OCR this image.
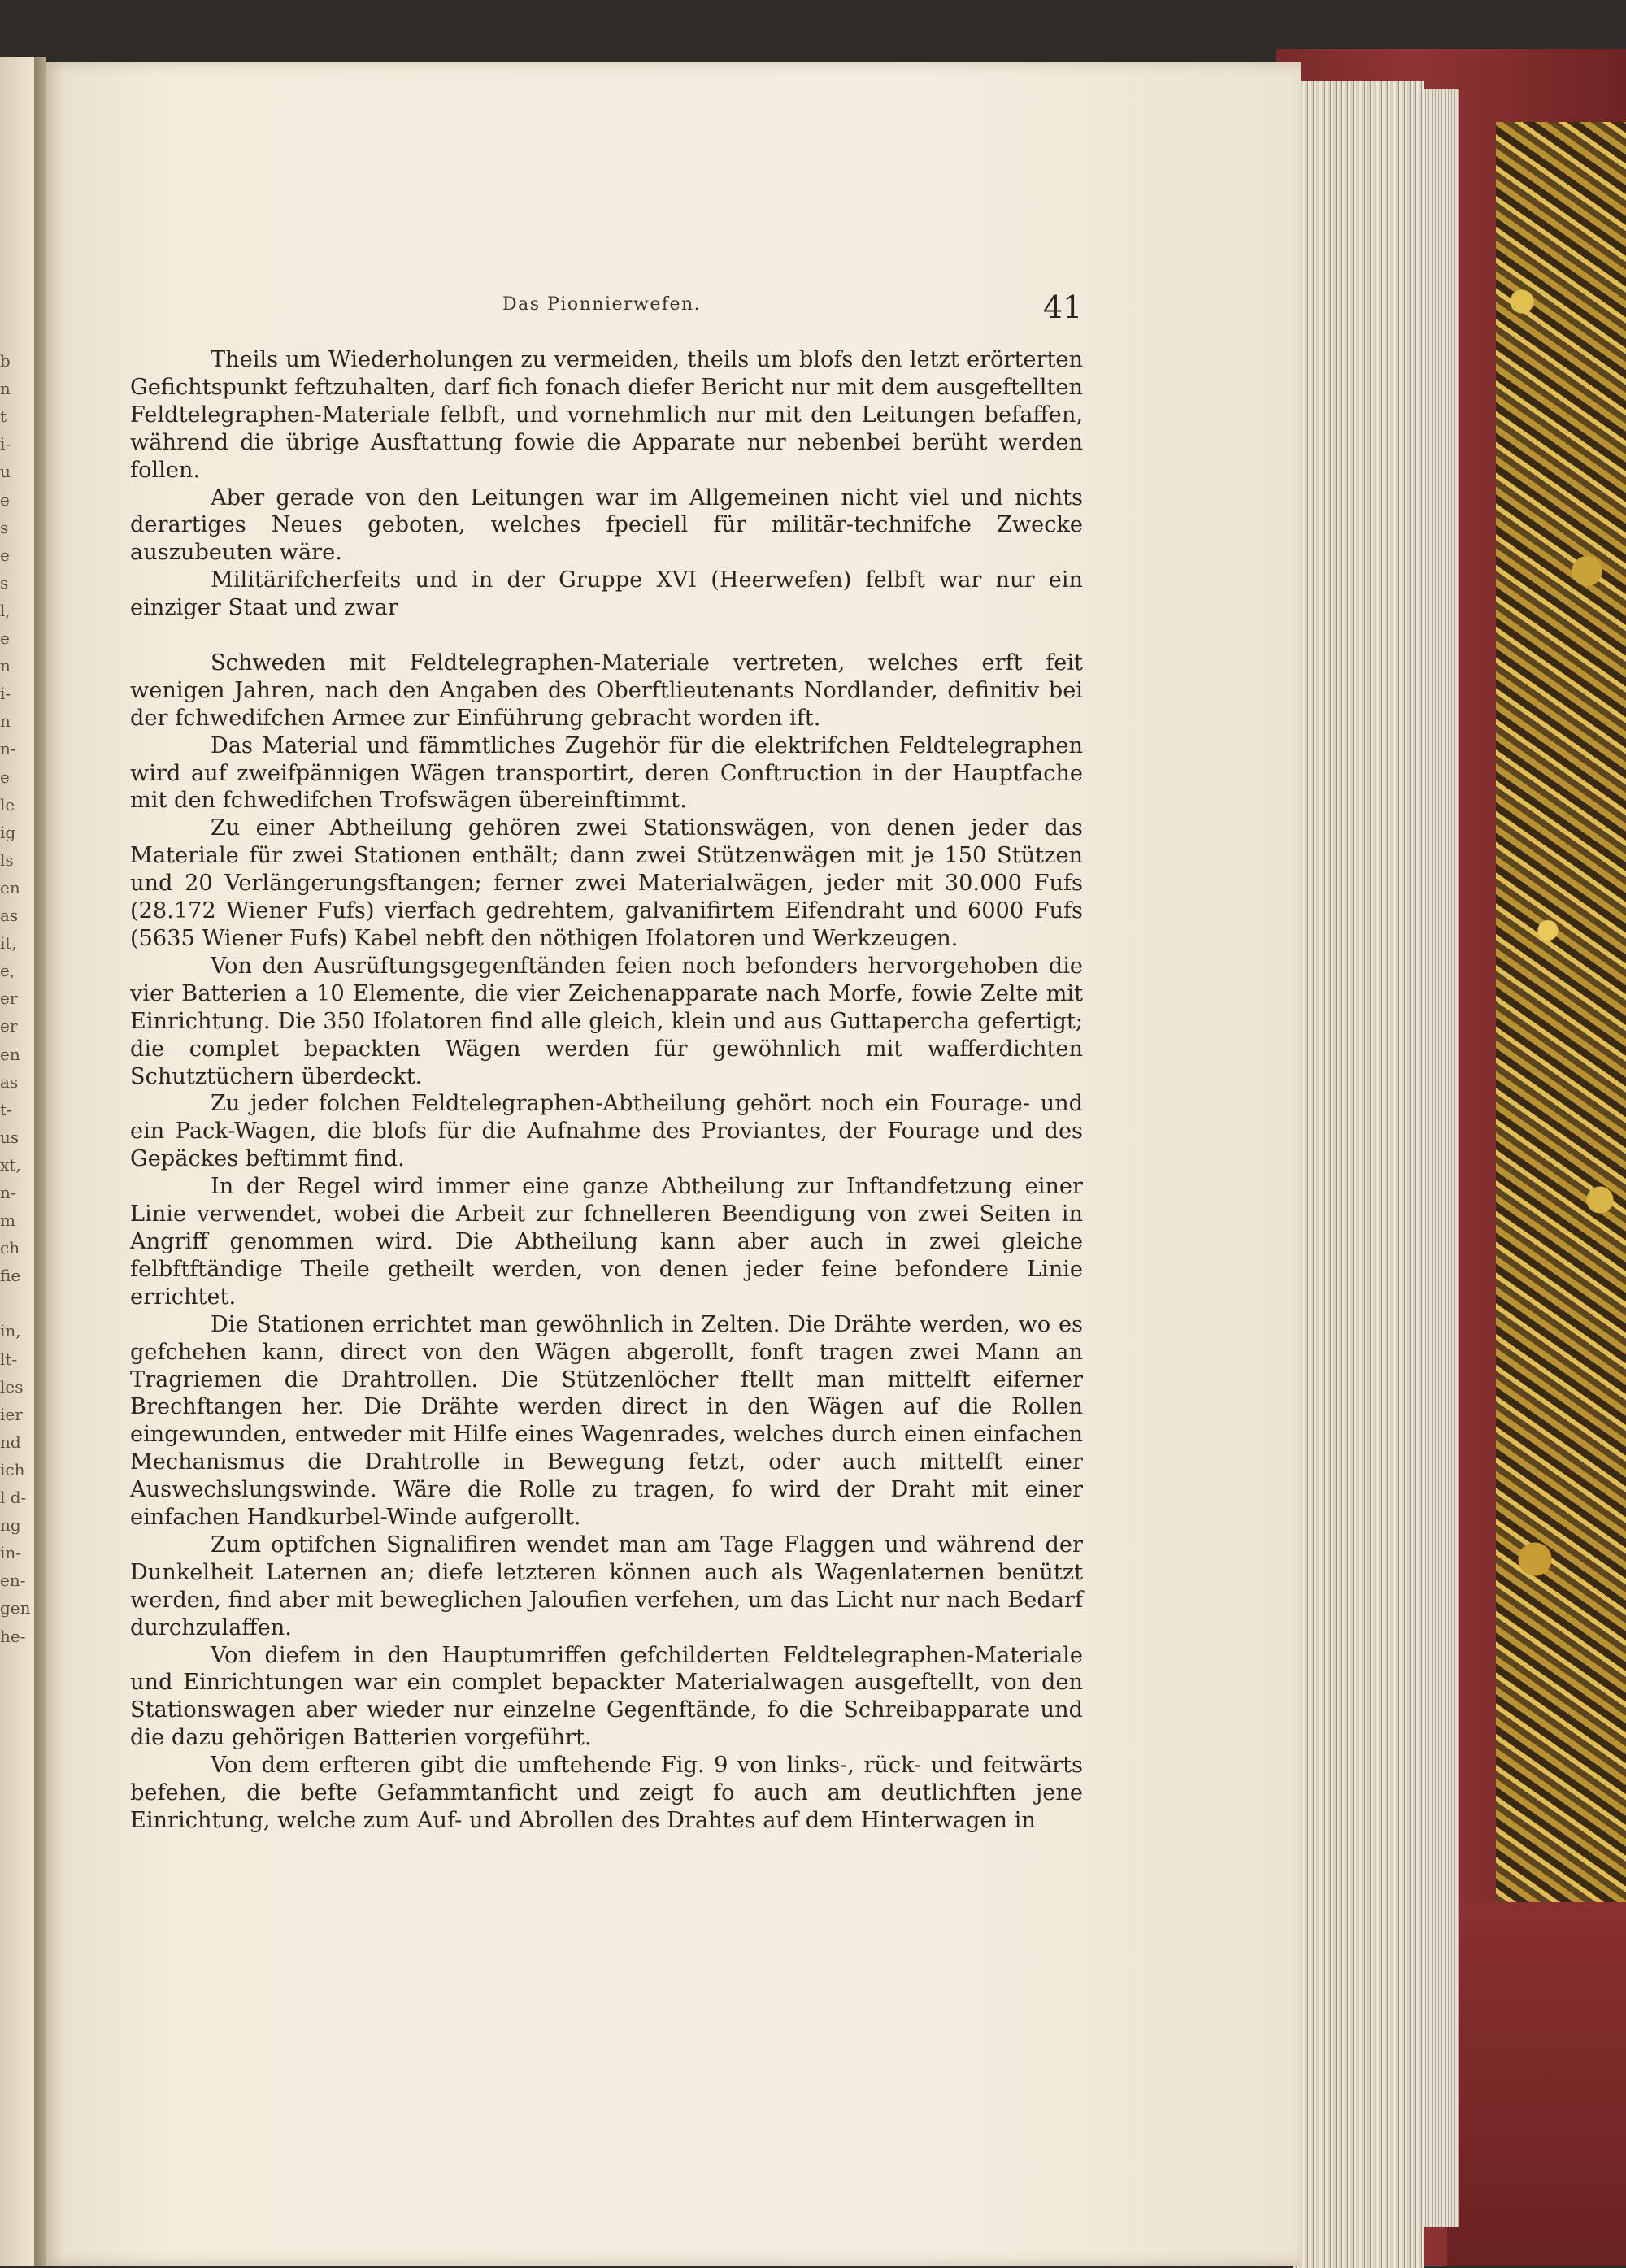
b
n
t
i-
u
e
s
e
s
l,
e
n
i-
n
n-
e
le
ig
ls
en
as
it,
e,
er
er
en
as
t-
us
xt,
n-
m
ch
fie
in,
lt-
les
ier
nd
ich
l d-
ng
in-
en-
gen
he-
Das Pionnierwefen.	41

Theils um Wiederholungen zu vermeiden, theils um blofs den letzt erörterten Gefichtspunkt feftzuhalten, darf fich fonach diefer Bericht nur mit dem ausgeftellten Feldtelegraphen-Materiale felbft, und vornehmlich nur mit den Leitungen befaffen, während die übrige Ausftattung fowie die Apparate nur nebenbei berüht werden follen.

Aber gerade von den Leitungen war im Allgemeinen nicht viel und nichts derartiges Neues geboten, welches fpeciell für militär-technifche Zwecke auszubeuten wäre.

Militärifcherfeits und in der Gruppe XVI (Heerwefen) felbft war nur ein einziger Staat und zwar

Schweden mit Feldtelegraphen-Materiale vertreten, welches erft feit wenigen Jahren, nach den Angaben des Oberftlieutenants Nordlander, definitiv bei der fchwedifchen Armee zur Einführung gebracht worden ift.

Das Material und fämmtliches Zugehör für die elektrifchen Feldtelegraphen wird auf zweifpännigen Wägen transportirt, deren Conftruction in der Hauptfache mit den fchwedifchen Trofswägen übereinftimmt.

Zu einer Abtheilung gehören zwei Stationswägen, von denen jeder das Materiale für zwei Stationen enthält; dann zwei Stützenwägen mit je 150 Stützen und 20 Verlängerungsftangen; ferner zwei Materialwägen, jeder mit 30.000 Fufs (28.172 Wiener Fufs) vierfach gedrehtem, galvanifirtem Eifendraht und 6000 Fufs (5635 Wiener Fufs) Kabel nebft den nöthigen Ifolatoren und Werkzeugen.

Von den Ausrüftungsgegenftänden feien noch befonders hervorgehoben die vier Batterien a 10 Elemente, die vier Zeichenapparate nach Morfe, fowie Zelte mit Einrichtung. Die 350 Ifolatoren find alle gleich, klein und aus Guttapercha gefertigt; die complet bepackten Wägen werden für gewöhnlich mit wafferdichten Schutztüchern überdeckt.

Zu jeder folchen Feldtelegraphen-Abtheilung gehört noch ein Fourage- und ein Pack-Wagen, die blofs für die Aufnahme des Proviantes, der Fourage und des Gepäckes beftimmt find.

In der Regel wird immer eine ganze Abtheilung zur Inftandfetzung einer Linie verwendet, wobei die Arbeit zur fchnelleren Beendigung von zwei Seiten in Angriff genommen wird. Die Abtheilung kann aber auch in zwei gleiche felbftftändige Theile getheilt werden, von denen jeder feine befondere Linie errichtet.

Die Stationen errichtet man gewöhnlich in Zelten. Die Drähte werden, wo es gefchehen kann, direct von den Wägen abgerollt, fonft tragen zwei Mann an Tragriemen die Drahtrollen. Die Stützenlöcher ftellt man mittelft eiferner Brechftangen her. Die Drähte werden direct in den Wägen auf die Rollen eingewunden, entweder mit Hilfe eines Wagenrades, welches durch einen einfachen Mechanismus die Drahtrolle in Bewegung fetzt, oder auch mittelft einer Auswechslungswinde. Wäre die Rolle zu tragen, fo wird der Draht mit einer einfachen Handkurbel-Winde aufgerollt.

Zum optifchen Signalifiren wendet man am Tage Flaggen und während der Dunkelheit Laternen an; diefe letzteren können auch als Wagenlaternen benützt werden, find aber mit beweglichen Jaloufien verfehen, um das Licht nur nach Bedarf durchzulaffen.

Von diefem in den Hauptumriffen gefchilderten Feldtelegraphen-Materiale und Einrichtungen war ein complet bepackter Materialwagen ausgeftellt, von den Stationswagen aber wieder nur einzelne Gegenftände, fo die Schreibapparate und die dazu gehörigen Batterien vorgeführt.

Von dem erfteren gibt die umftehende Fig. 9 von links-, rück- und feitwärts befehen, die befte Gefammtanficht und zeigt fo auch am deutlichften jene Einrichtung, welche zum Auf- und Abrollen des Drahtes auf dem Hinterwagen in
